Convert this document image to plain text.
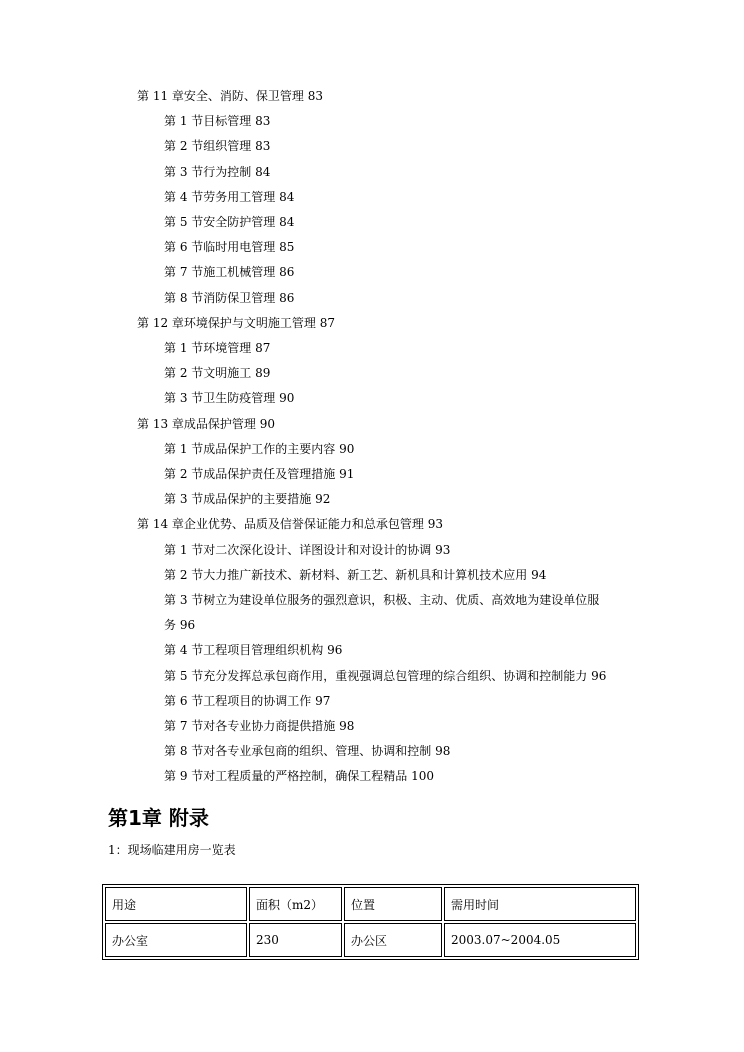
第 11 章安全、消防、保卫管理 83
第 1 节目标管理 83
第 2 节组织管理 83
第 3 节行为控制 84
第 4 节劳务用工管理 84
第 5 节安全防护管理 84
第 6 节临时用电管理 85
第 7 节施工机械管理 86
第 8 节消防保卫管理 86
第 12 章环境保护与文明施工管理 87
第 1 节环境管理 87
第 2 节文明施工 89
第 3 节卫生防疫管理 90
第 13 章成品保护管理 90
第 1 节成品保护工作的主要内容 90
第 2 节成品保护责任及管理措施 91
第 3 节成品保护的主要措施 92
第 14 章企业优势、品质及信誉保证能力和总承包管理 93
第 1 节对二次深化设计、详图设计和对设计的协调 93
第 2 节大力推广新技术、新材料、新工艺、新机具和计算机技术应用 94
第 3 节树立为建设单位服务的强烈意识，积极、主动、优质、高效地为建设单位服
务 96
第 4 节工程项目管理组织机构 96
第 5 节充分发挥总承包商作用，重视强调总包管理的综合组织、协调和控制能力 96
第 6 节工程项目的协调工作 97
第 7 节对各专业协力商提供措施 98
第 8 节对各专业承包商的组织、管理、协调和控制 98
第 9 节对工程质量的严格控制，确保工程精品 100
第1章 附录
1：现场临建用房一览表
用途	面积（m2）	位置	需用时间
办公室	230	办公区	2003.07~2004.05
